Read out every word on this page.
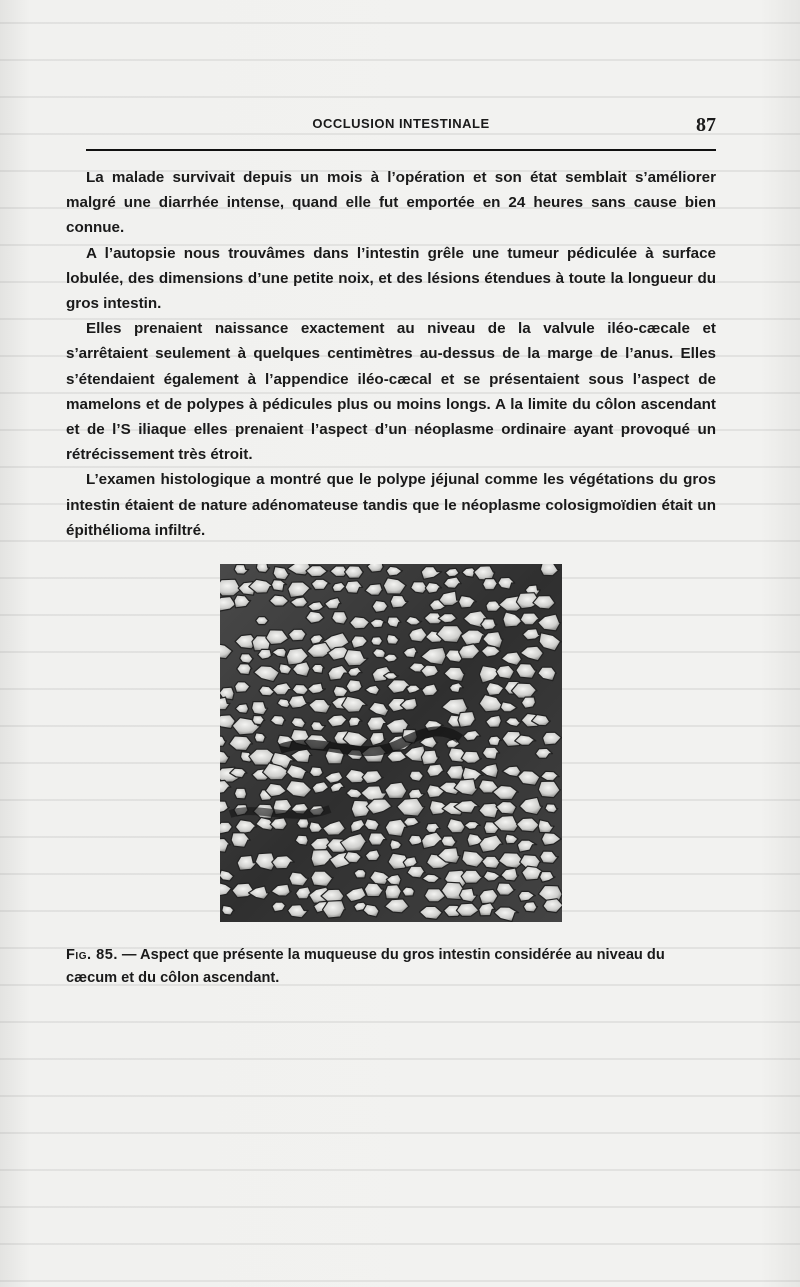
OCCLUSION INTESTINALE	87

La malade survivait depuis un mois à l’opération et son état semblait s’améliorer malgré une diarrhée intense, quand elle fut emportée en 24 heures sans cause bien connue.

A l’autopsie nous trouvâmes dans l’intestin grêle une tumeur pédiculée à surface lobulée, des dimensions d’une petite noix, et des lésions étendues à toute la longueur du gros intestin.

Elles prenaient naissance exactement au niveau de la valvule iléo-cæcale et s’arrêtaient seulement à quelques centimètres au-dessus de la marge de l’anus. Elles s’étendaient également à l’appendice iléo-cæcal et se présentaient sous l’aspect de mamelons et de polypes à pédicules plus ou moins longs. A la limite du côlon ascendant et de l’S iliaque elles prenaient l’aspect d’un néoplasme ordinaire ayant provoqué un rétrécissement très étroit.

L’examen histologique a montré que le polype jéjunal comme les végétations du gros intestin étaient de nature adénomateuse tandis que le néoplasme colosigmoïdien était un épithélioma infiltré.

Fig. 85. — Aspect que présente la muqueuse du gros intestin considérée au niveau du cæcum et du côlon ascendant.
